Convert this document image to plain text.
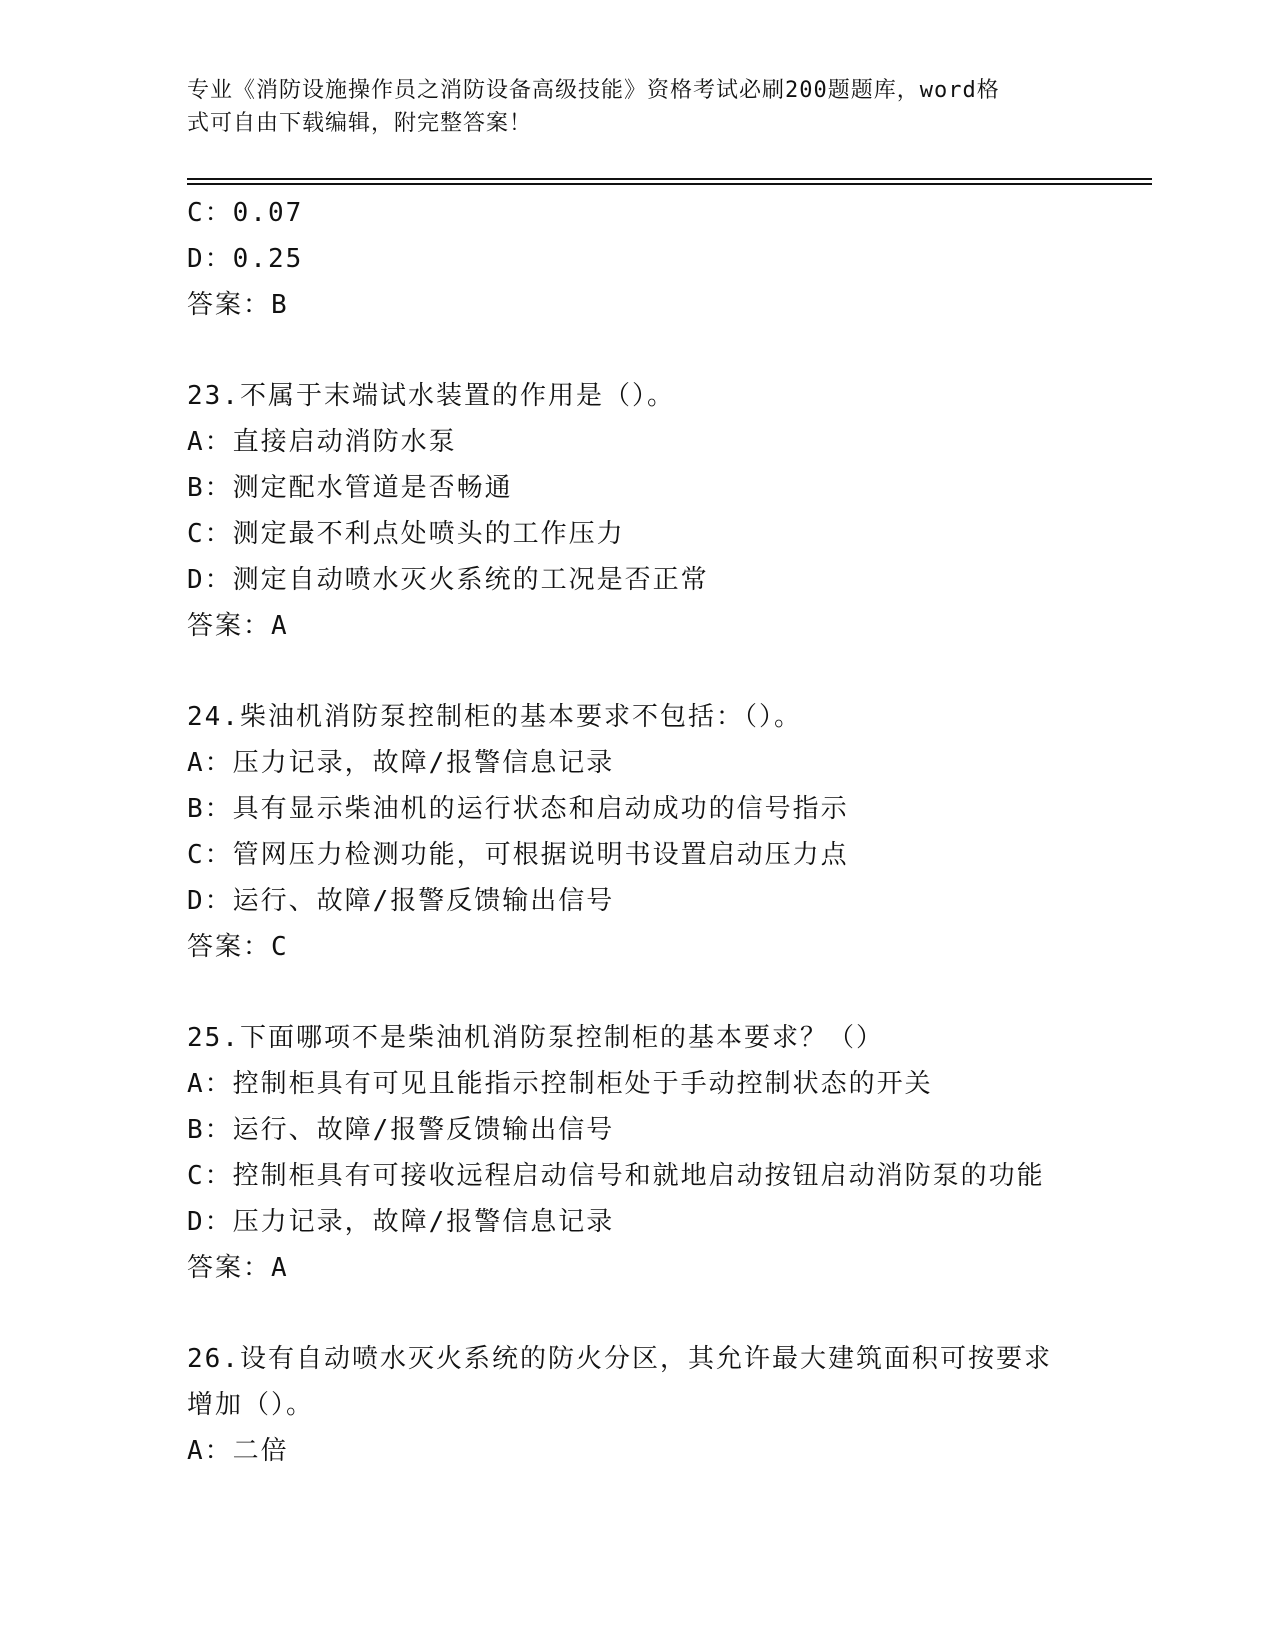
专业《消防设施操作员之消防设备高级技能》资格考试必刷200题题库，word格
式可自由下载编辑，附完整答案！
C：0.07
D：0.25
答案：B
23.不属于末端试水装置的作用是（）。
A：直接启动消防水泵
B：测定配水管道是否畅通
C：测定最不利点处喷头的工作压力
D：测定自动喷水灭火系统的工况是否正常
答案：A
24.柴油机消防泵控制柜的基本要求不包括：（）。
A：压力记录，故障/报警信息记录
B：具有显示柴油机的运行状态和启动成功的信号指示
C：管网压力检测功能，可根据说明书设置启动压力点
D：运行、故障/报警反馈输出信号
答案：C
25.下面哪项不是柴油机消防泵控制柜的基本要求？（）
A：控制柜具有可见且能指示控制柜处于手动控制状态的开关
B：运行、故障/报警反馈输出信号
C：控制柜具有可接收远程启动信号和就地启动按钮启动消防泵的功能
D：压力记录，故障/报警信息记录
答案：A
26.设有自动喷水灭火系统的防火分区，其允许最大建筑面积可按要求
增加（）。
A：二倍
